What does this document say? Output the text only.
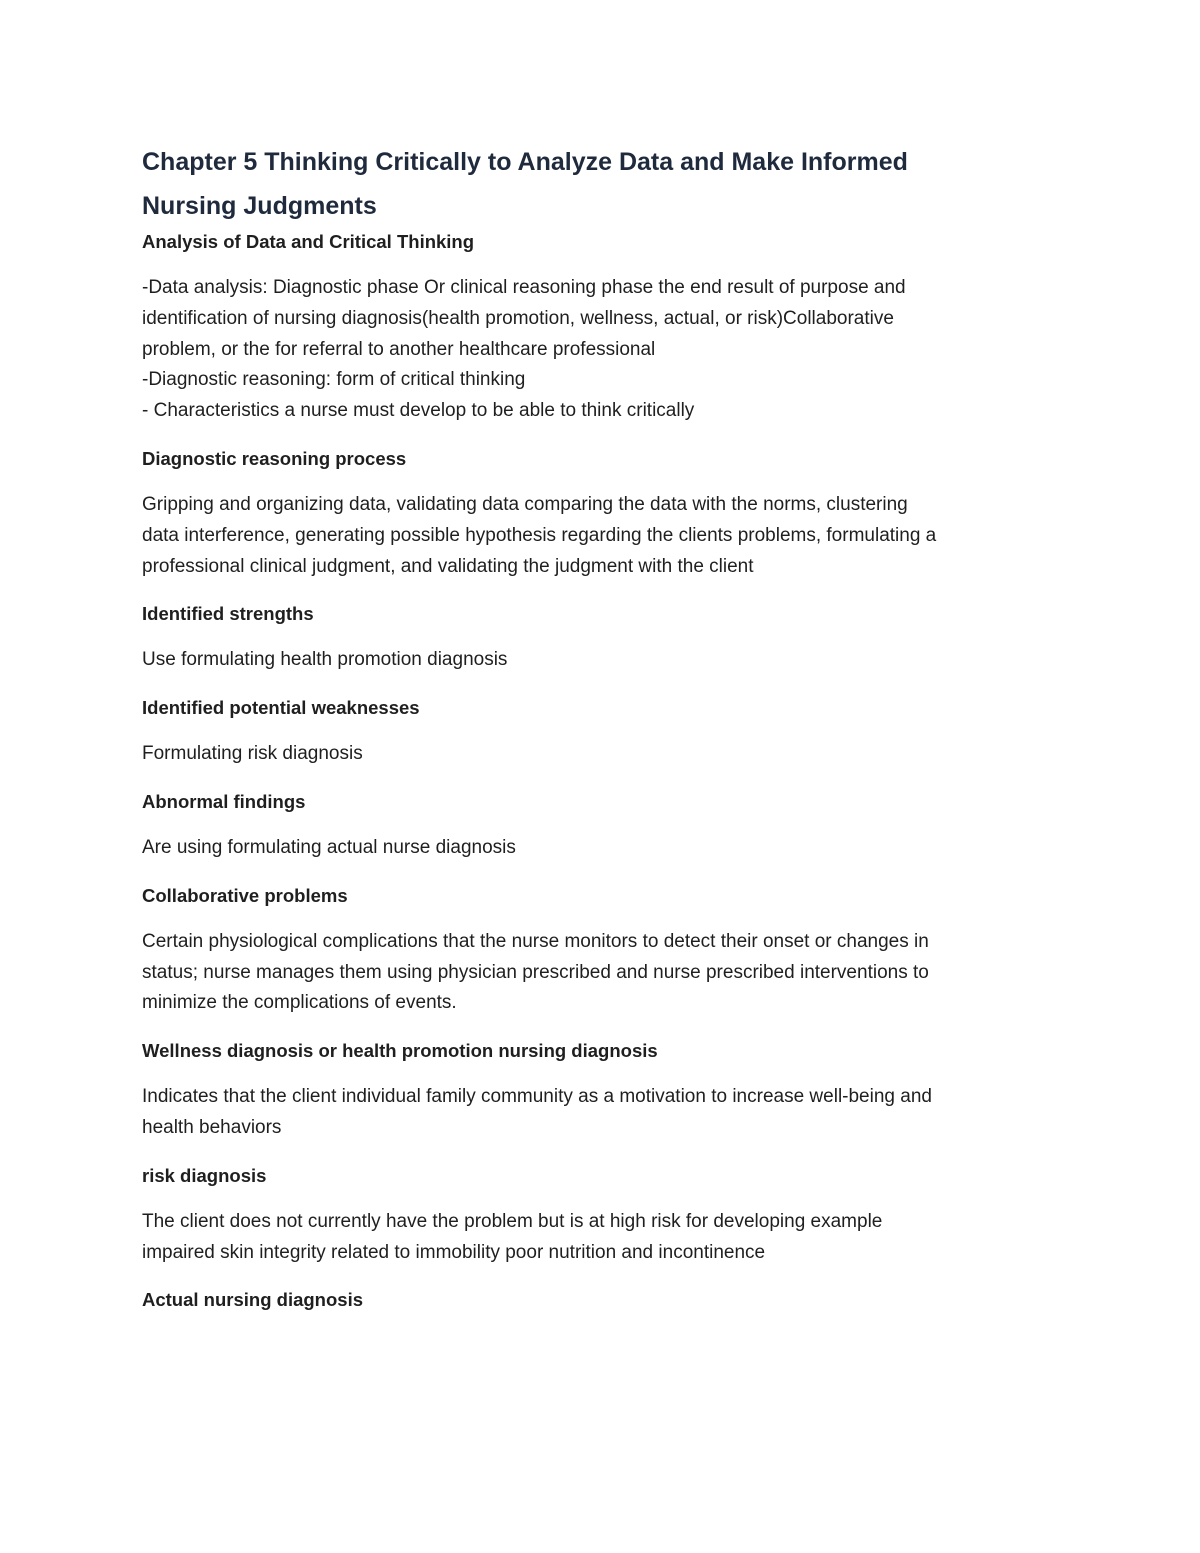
Chapter 5 Thinking Critically to Analyze Data and Make Informed
Nursing Judgments
Analysis of Data and Critical Thinking
-Data analysis: Diagnostic phase Or clinical reasoning phase the end result of purpose and
identification of nursing diagnosis(health promotion, wellness, actual, or risk)Collaborative
problem, or the for referral to another healthcare professional
-Diagnostic reasoning: form of critical thinking
- Characteristics a nurse must develop to be able to think critically
Diagnostic reasoning process
Gripping and organizing data, validating data comparing the data with the norms, clustering
data interference, generating possible hypothesis regarding the clients problems, formulating a
professional clinical judgment, and validating the judgment with the client
Identified strengths
Use formulating health promotion diagnosis
Identified potential weaknesses
Formulating risk diagnosis
Abnormal findings
Are using formulating actual nurse diagnosis
Collaborative problems
Certain physiological complications that the nurse monitors to detect their onset or changes in
status; nurse manages them using physician prescribed and nurse prescribed interventions to
minimize the complications of events.
Wellness diagnosis or health promotion nursing diagnosis
Indicates that the client individual family community as a motivation to increase well-being and
health behaviors
risk diagnosis
The client does not currently have the problem but is at high risk for developing example
impaired skin integrity related to immobility poor nutrition and incontinence
Actual nursing diagnosis
